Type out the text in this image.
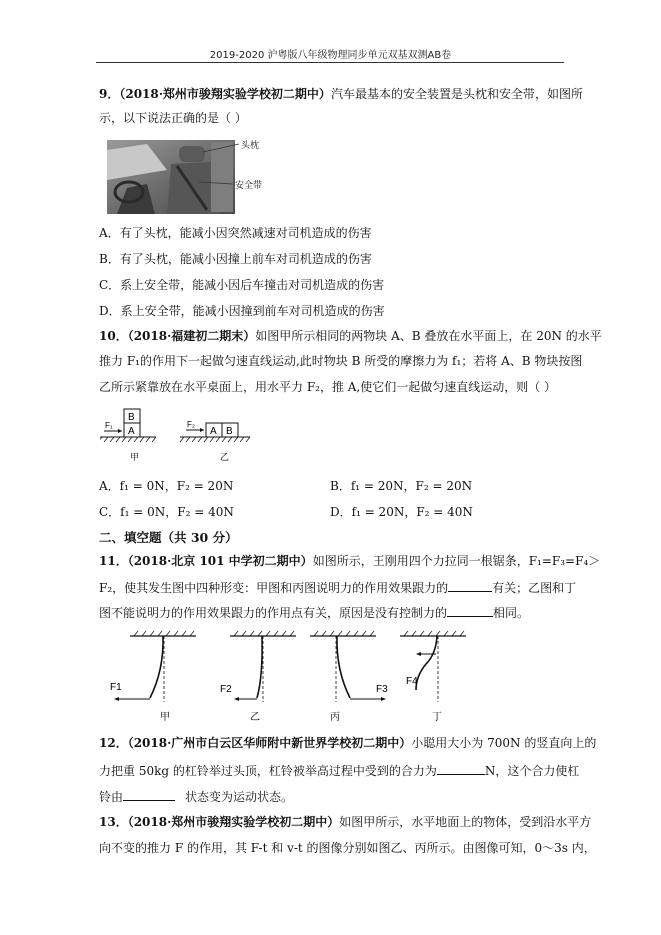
2019-2020 沪粤版八年级物理同步单元双基双测AB卷
9．（2018·郑州市骏翔实验学校初二期中）汽车最基本的安全装置是头枕和安全带，如图所
示，以下说法正确的是（ ）
头枕
安全带
A．有了头枕，能减小因突然减速对司机造成的伤害
B．有了头枕，能减小因撞上前车对司机造成的伤害
C．系上安全带，能减小因后车撞击对司机造成的伤害
D．系上安全带，能减小因撞到前车对司机造成的伤害
10．（2018·福建初二期末）如图甲所示相同的两物块 A、B 叠放在水平面上，在 20N 的水平
推力 F₁的作用下一起做匀速直线运动,此时物块 B 所受的摩擦力为 f₁；若将 A、B 物块按图
乙所示紧靠放在水平桌面上，用水平力 F₂，推 A,使它们一起做匀速直线运动，则（ ）
A
B
F₁
甲
A B
F₂
乙
A．f₁ = 0N，F₂ = 20N	B．f₁ = 20N，F₂ = 20N
C．f₁ = 0N，F₂ = 40N	D．f₁ = 20N，F₂ = 40N
二、填空题（共 30 分）
11．（2018·北京 101 中学初二期中）如图所示，王刚用四个力拉同一根锯条，F₁=F₃=F₄＞
F₂，使其发生图中四种形变：甲图和丙图说明力的作用效果跟力的	有关；乙图和丁
图不能说明力的作用效果跟力的作用点有关，原因是没有控制力的	相同。
F1
甲
F2
乙
F3
丙
F4
丁
12．（2018·广州市白云区华师附中新世界学校初二期中）小聪用大小为 700N 的竖直向上的
力把重 50kg 的杠铃举过头顶，杠铃被举高过程中受到的合力为	N，这个合力使杠
铃由	状态变为运动状态。
13．（2018·郑州市骏翔实验学校初二期中）如图甲所示，水平地面上的物体，受到沿水平方
向不变的推力 F 的作用，其 F-t 和 v-t 的图像分别如图乙、丙所示。由图像可知，0～3s 内，
